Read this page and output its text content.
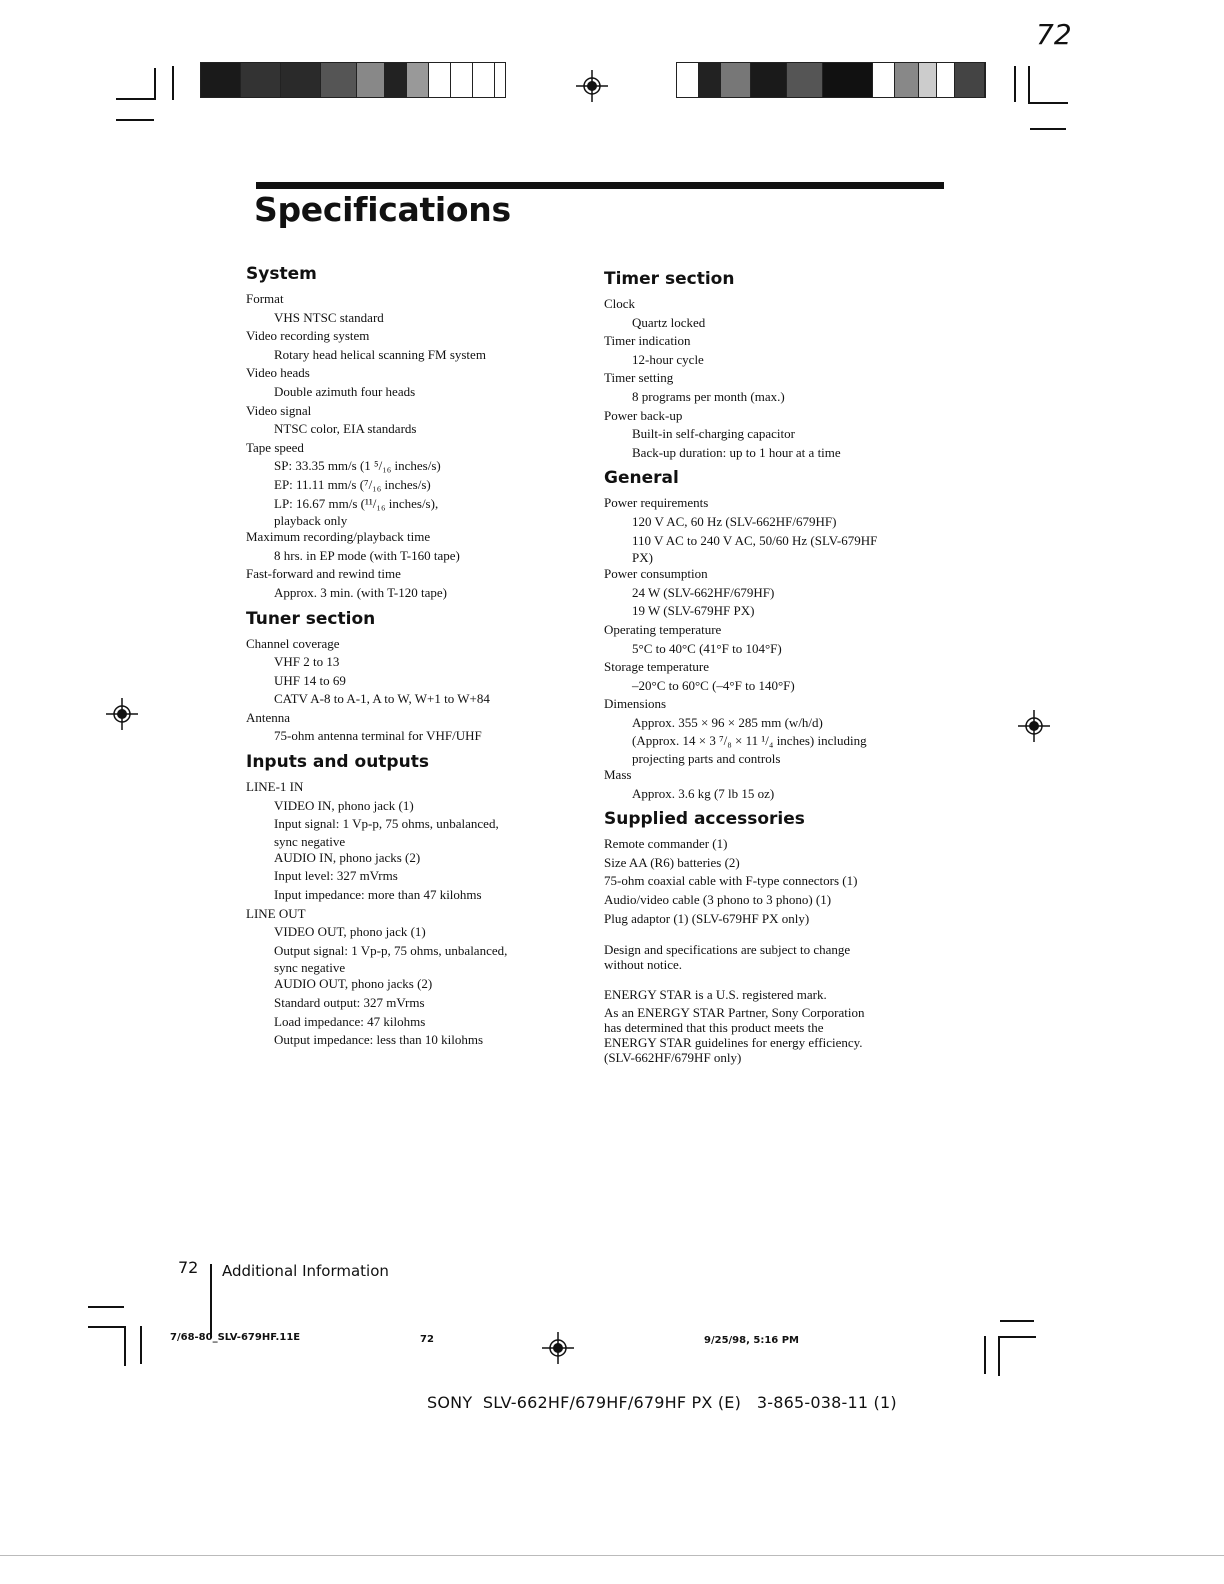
72
Specifications
System
Format
VHS NTSC standard
Video recording system
Rotary head helical scanning FM system
Video heads
Double azimuth four heads
Video signal
NTSC color, EIA standards
Tape speed
SP: 33.35 mm/s (1 ⁵/₁₆ inches/s)
EP: 11.11 mm/s (⁷/₁₆ inches/s)
LP: 16.67 mm/s (¹¹/₁₆ inches/s),
playback only
Maximum recording/playback time
8 hrs. in EP mode (with T-160 tape)
Fast-forward and rewind time
Approx. 3 min. (with T-120 tape)
Tuner section
Channel coverage
VHF 2 to 13
UHF 14 to 69
CATV A-8 to A-1, A to W, W+1 to W+84
Antenna
75-ohm antenna terminal for VHF/UHF
Inputs and outputs
LINE-1 IN
VIDEO IN, phono jack (1)
Input signal: 1 Vp-p, 75 ohms, unbalanced,
sync negative
AUDIO IN, phono jacks (2)
Input level: 327 mVrms
Input impedance: more than 47 kilohms
LINE OUT
VIDEO OUT, phono jack (1)
Output signal: 1 Vp-p, 75 ohms, unbalanced,
sync negative
AUDIO OUT, phono jacks (2)
Standard output: 327 mVrms
Load impedance: 47 kilohms
Output impedance: less than 10 kilohms
Timer section
Clock
Quartz locked
Timer indication
12-hour cycle
Timer setting
8 programs per month (max.)
Power back-up
Built-in self-charging capacitor
Back-up duration: up to 1 hour at a time
General
Power requirements
120 V AC, 60 Hz (SLV-662HF/679HF)
110 V AC to 240 V AC, 50/60 Hz (SLV-679HF
PX)
Power consumption
24 W (SLV-662HF/679HF)
19 W (SLV-679HF PX)
Operating temperature
5°C to 40°C (41°F to 104°F)
Storage temperature
–20°C to 60°C (–4°F to 140°F)
Dimensions
Approx. 355 × 96 × 285 mm (w/h/d)
(Approx. 14 × 3 ⁷/₈ × 11 ¹/₄ inches) including
projecting parts and controls
Mass
Approx. 3.6 kg (7 lb 15 oz)
Supplied accessories
Remote commander (1)
Size AA (R6) batteries (2)
75-ohm coaxial cable with F-type connectors (1)
Audio/video cable (3 phono to 3 phono) (1)
Plug adaptor (1) (SLV-679HF PX only)
Design and specifications are subject to change
without notice.
ENERGY STAR is a U.S. registered mark.
As an ENERGY STAR Partner, Sony Corporation
has determined that this product meets the
ENERGY STAR guidelines for energy efficiency.
(SLV-662HF/679HF only)
72 Additional Information
7/68-80_SLV-679HF.11E	72	9/25/98, 5:16 PM
SONY  SLV-662HF/679HF/679HF PX (E)   3-865-038-11 (1)
